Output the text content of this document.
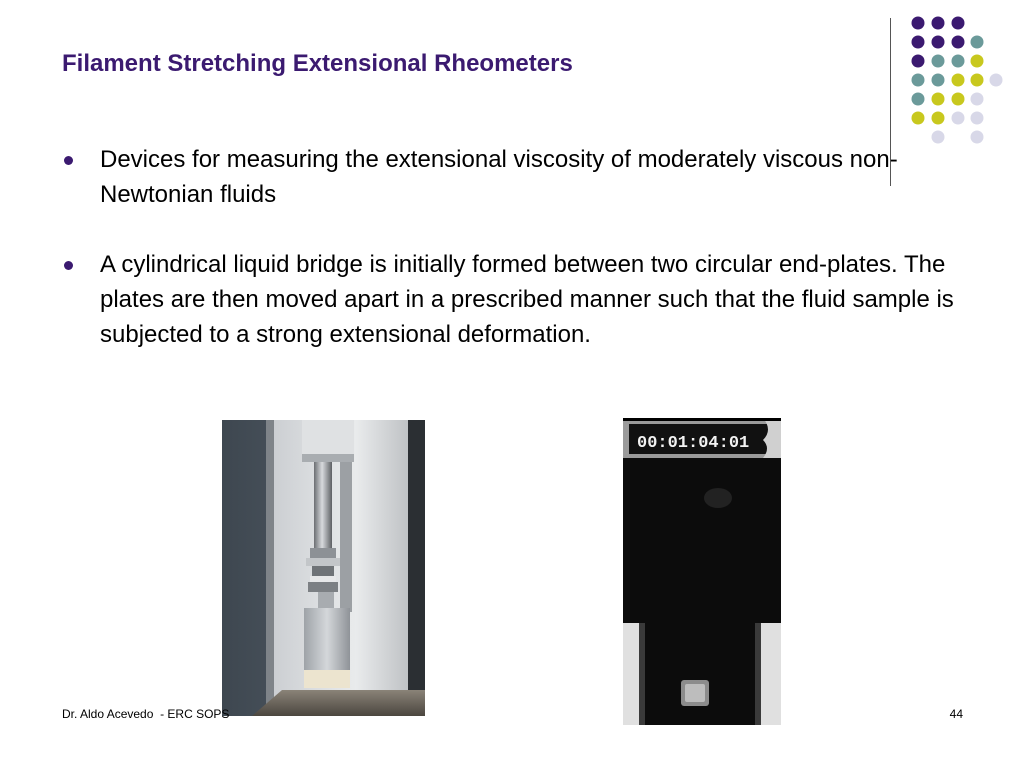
Filament Stretching Extensional Rheometers
Devices for measuring the extensional viscosity of moderately viscous non-Newtonian fluids
A cylindrical liquid bridge is initially formed between two circular end-plates. The plates are then moved apart in a prescribed manner such that the fluid sample is subjected to a strong extensional deformation.
00:01:04:01
Dr. Aldo Acevedo  - ERC SOPS	44
